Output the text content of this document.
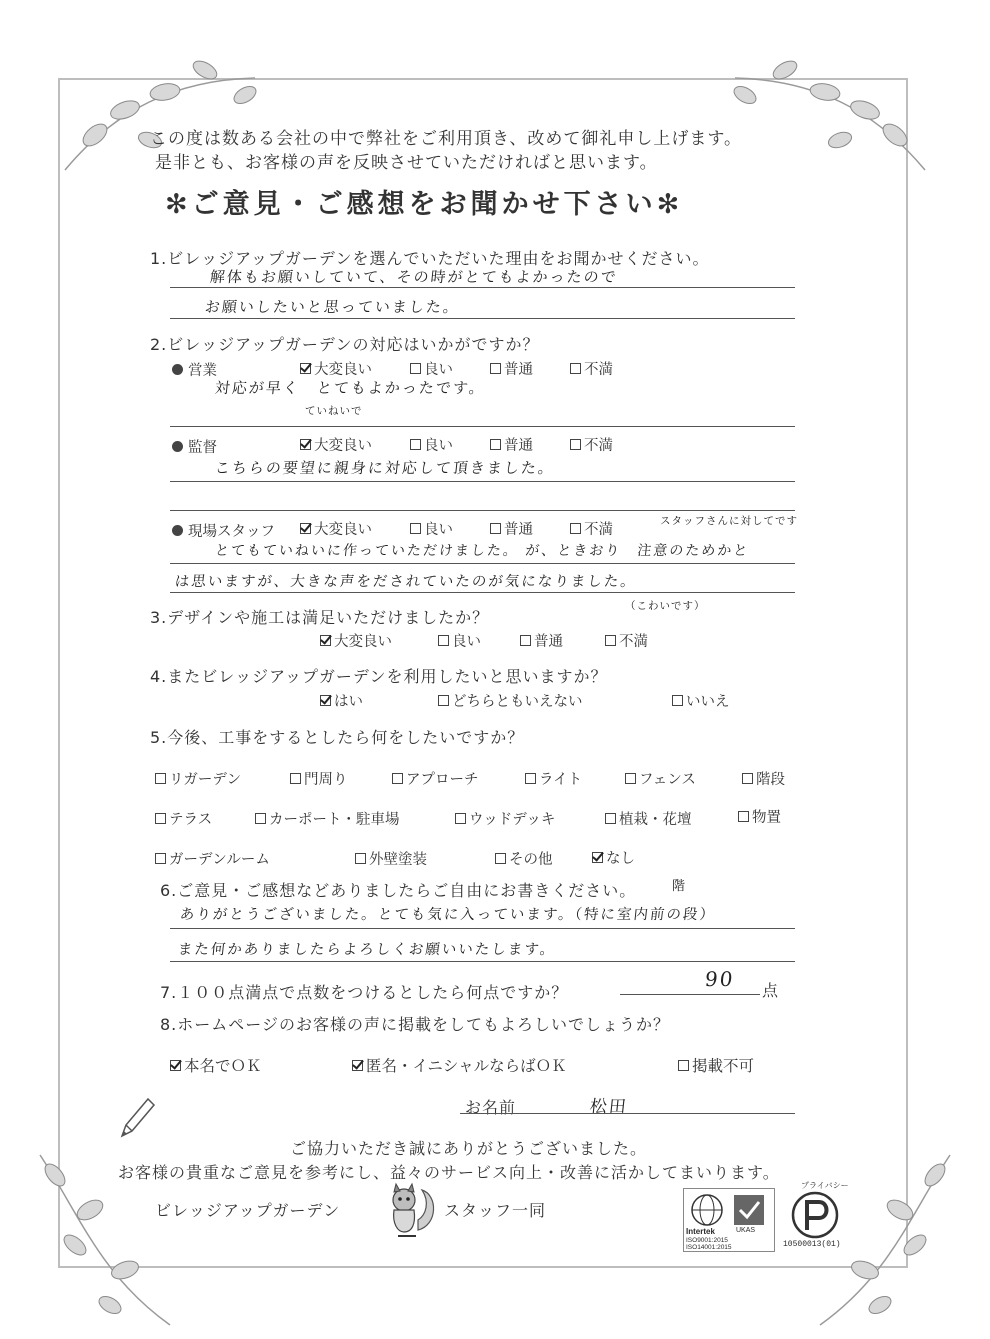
この度は数ある会社の中で弊社をご利用頂き、改めて御礼申し上げます。
是非とも、お客様の声を反映させていただければと思います。
✻ご意見・ご感想をお聞かせ下さい✻
1.ビレッジアップガーデンを選んでいただいた理由をお聞かせください。
解体もお願いしていて、その時がとてもよかったので
お願いしたいと思っていました。
2.ビレッジアップガーデンの対応はいかがですか？
営業	大変良い	良い	普通	不満
対応が早く　とてもよかったです。
ていねいで
監督	大変良い	良い	普通	不満
こちらの要望に親身に対応して頂きました。
現場スタッフ	大変良い	良い	普通	不満
スタッフさんに対してです
とてもていねいに作っていただけました。 が、ときおり　注意のためかと
は思いますが、大きな声をだされていたのが気になりました。
（こわいです）
3.デザインや施工は満足いただけましたか？
大変良い	良い	普通	不満
4.またビレッジアップガーデンを利用したいと思いますか？
はい	どちらともいえない	いいえ
5.今後、工事をするとしたら何をしたいですか？
リガーデン	門周り	アプローチ	ライト	フェンス	階段
テラス	カーポート・駐車場	ウッドデッキ	植栽・花壇	物置
ガーデンルーム	外壁塗装	その他	なし
6.ご意見・ご感想などありましたらご自由にお書きください。	階
ありがとうございました。とても気に入っています。（特に室内前の段）
また何かありましたらよろしくお願いいたします。
7.１００点満点で点数をつけるとしたら何点ですか？
90 点
8.ホームページのお客様の声に掲載をしてもよろしいでしょうか？
本名でＯＫ	匿名・イニシャルならばＯＫ	掲載不可
お名前	松田
ご協力いただき誠にありがとうございました。
お客様の貴重なご意見を参考にし、益々のサービス向上・改善に活かしてまいります。
ビレッジアップガーデン	スタッフ一同
Intertek	UKAS
ISO9001:2015
ISO14001:2015
プライバシー
10500013(01)
